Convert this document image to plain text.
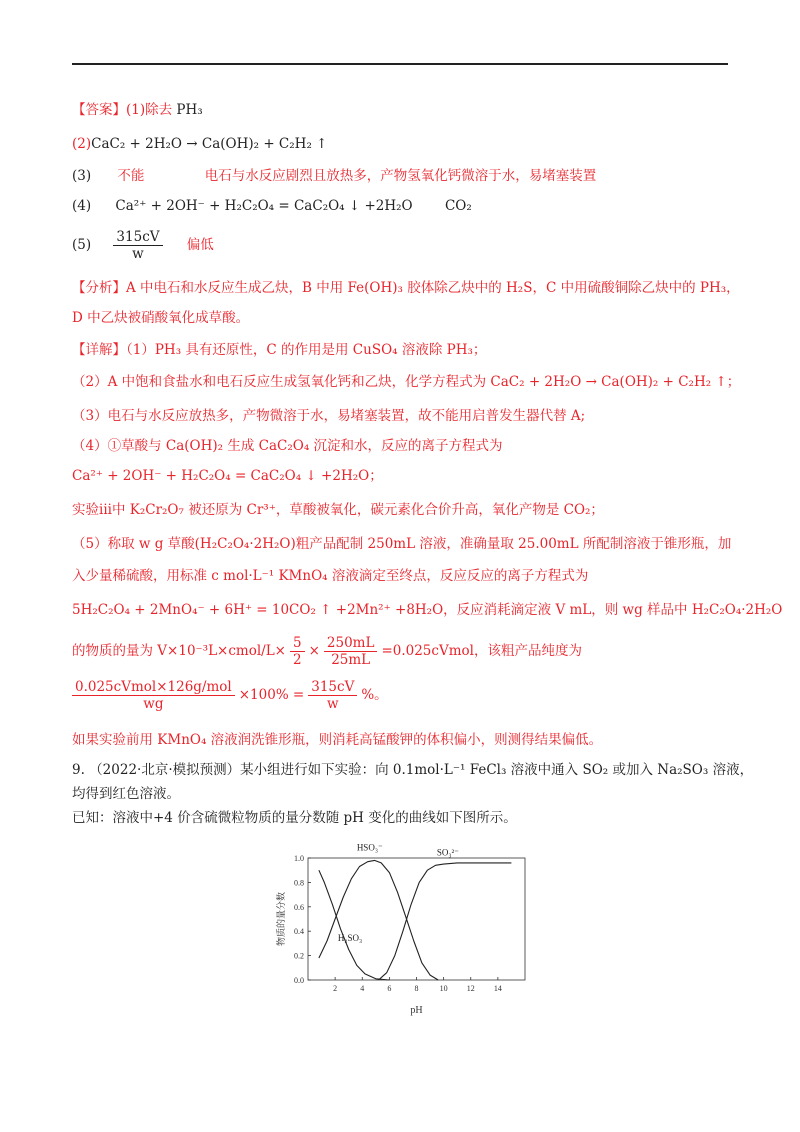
【答案】(1)除去 PH₃
(2)CaC₂ + 2H₂O → Ca(OH)₂ + C₂H₂ ↑
(3) 不能	电石与水反应剧烈且放热多，产物氢氧化钙微溶于水，易堵塞装置
(4) Ca²⁺ + 2OH⁻ + H₂C₂O₄ = CaC₂O₄ ↓ +2H₂O CO₂
$(5) \frac{315cV}{w}$ 偏低
【分析】A 中电石和水反应生成乙炔，B 中用 Fe(OH)₃ 胶体除乙炔中的 H₂S，C 中用硫酸铜除乙炔中的 PH₃，
D 中乙炔被硝酸氧化成草酸。
【详解】（1）PH₃ 具有还原性，C 的作用是用 CuSO₄ 溶液除 PH₃；
（2）A 中饱和食盐水和电石反应生成氢氧化钙和乙炔，化学方程式为 CaC₂ + 2H₂O → Ca(OH)₂ + C₂H₂ ↑；
（3）电石与水反应放热多，产物微溶于水，易堵塞装置，故不能用启普发生器代替 A;
（4）①草酸与 Ca(OH)₂ 生成 CaC₂O₄ 沉淀和水，反应的离子方程式为
Ca²⁺ + 2OH⁻ + H₂C₂O₄ = CaC₂O₄ ↓ +2H₂O；
实验iii中 K₂Cr₂O₇ 被还原为 Cr³⁺，草酸被氧化，碳元素化合价升高，氧化产物是 CO₂；
（5）称取 w g 草酸(H₂C₂O₄·2H₂O)粗产品配制 250mL 溶液，准确量取 25.00mL 所配制溶液于锥形瓶，加
入少量稀硫酸，用标准 c mol·L⁻¹ KMnO₄ 溶液滴定至终点，反应反应的离子方程式为
5H₂C₂O₄ + 2MnO₄⁻ + 6H⁺ = 10CO₂ ↑ +2Mn²⁺ +8H₂O，反应消耗滴定液 V mL，则 wg 样品中 H₂C₂O₄·2H₂O
的物质的量为 V×10⁻³L×cmol/L× $\frac{5}{2} \times \frac{250mL}{25mL}$ =0.025cVmol，该粗产品纯度为
$\frac{\text{0.025cVmol×126g/mol}}{wg} \times 100\% = \frac{315cV}{w}$ %。
如果实验前用 KMnO₄ 溶液润洗锥形瓶，则消耗高锰酸钾的体积偏小，则测得结果偏低。
9. （2022·北京·模拟预测）某小组进行如下实验：向 0.1mol·L⁻¹ FeCl₃ 溶液中通入 SO₂ 或加入 Na₂SO₃ 溶液，
均得到红色溶液。
已知：溶液中+4 价含硫微粒物质的量分数随 pH 变化的曲线如下图所示。
2	4	6	8	10 12 14
0.0
0.2
0.4
0.6
0.8
1.0
pH
物质的量分数	H₂SO₃
HSO₃⁻	SO₃²⁻
